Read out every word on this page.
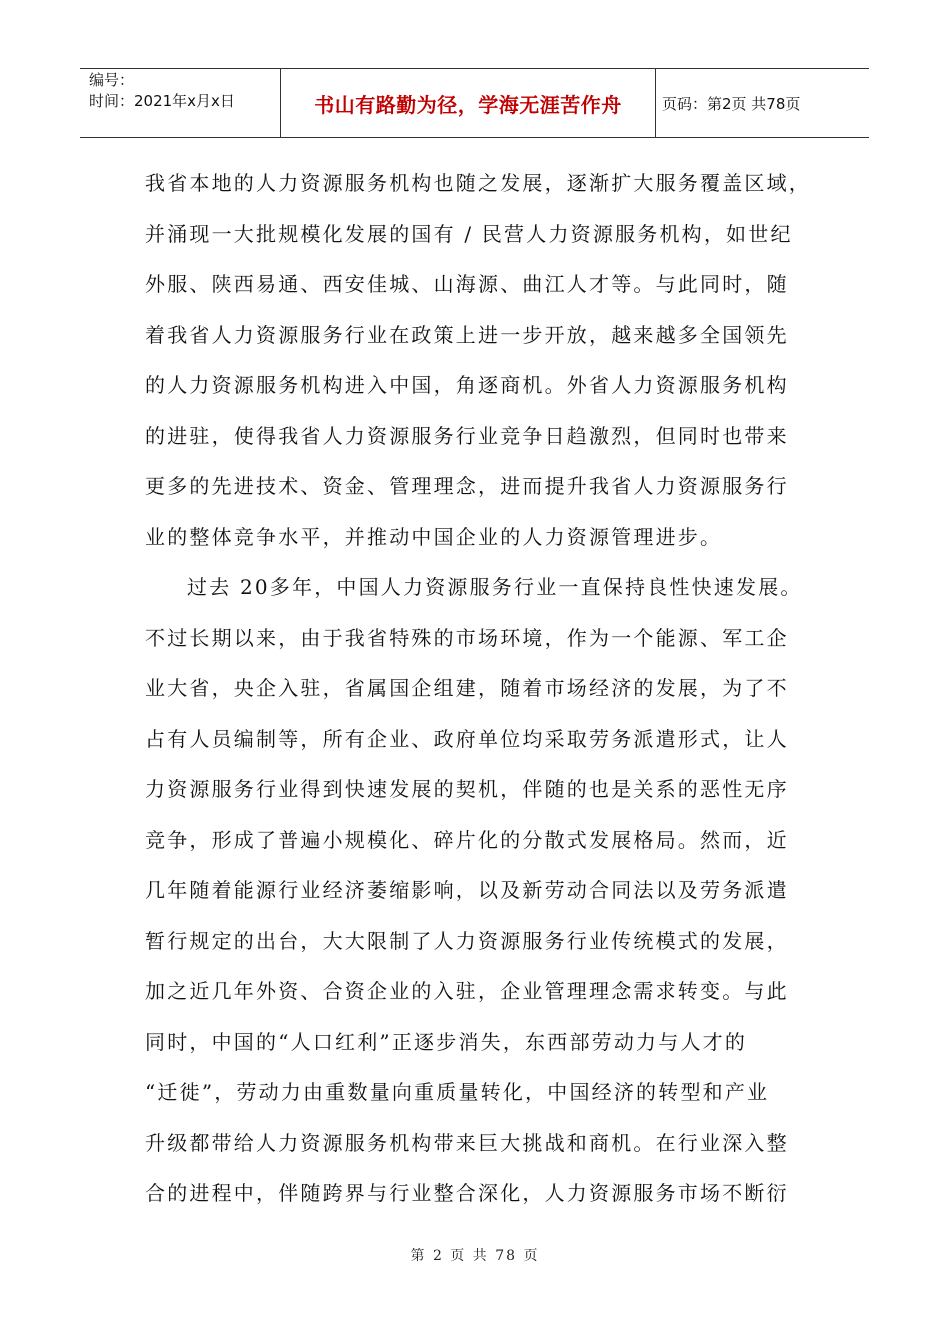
编号：
时间：2021年x月x日	书山有路勤为径，学海无涯苦作舟	页码：第2页 共78页
我省本地的人力资源服务机构也随之发展，逐渐扩大服务覆盖区域，
并涌现一大批规模化发展的国有 / 民营人力资源服务机构，如世纪
外服、陕西易通、西安佳城、山海源、曲江人才等。与此同时，随
着我省人力资源服务行业在政策上进一步开放，越来越多全国领先
的人力资源服务机构进入中国，角逐商机。外省人力资源服务机构
的进驻，使得我省人力资源服务行业竞争日趋激烈，但同时也带来
更多的先进技术、资金、管理理念，进而提升我省人力资源服务行
业的整体竞争水平，并推动中国企业的人力资源管理进步。
过去 20多年，中国人力资源服务行业一直保持良性快速发展。
不过长期以来，由于我省特殊的市场环境，作为一个能源、军工企
业大省，央企入驻，省属国企组建，随着市场经济的发展，为了不
占有人员编制等，所有企业、政府单位均采取劳务派遣形式，让人
力资源服务行业得到快速发展的契机，伴随的也是关系的恶性无序
竞争，形成了普遍小规模化、碎片化的分散式发展格局。然而，近
几年随着能源行业经济萎缩影响，以及新劳动合同法以及劳务派遣
暂行规定的出台，大大限制了人力资源服务行业传统模式的发展，
加之近几年外资、合资企业的入驻，企业管理理念需求转变。与此
同时，中国的“人口红利”正逐步消失，东西部劳动力与人才的
“迁徙”，劳动力由重数量向重质量转化，中国经济的转型和产业
升级都带给人力资源服务机构带来巨大挑战和商机。在行业深入整
合的进程中，伴随跨界与行业整合深化，人力资源服务市场不断衍
第 2 页 共 78 页
